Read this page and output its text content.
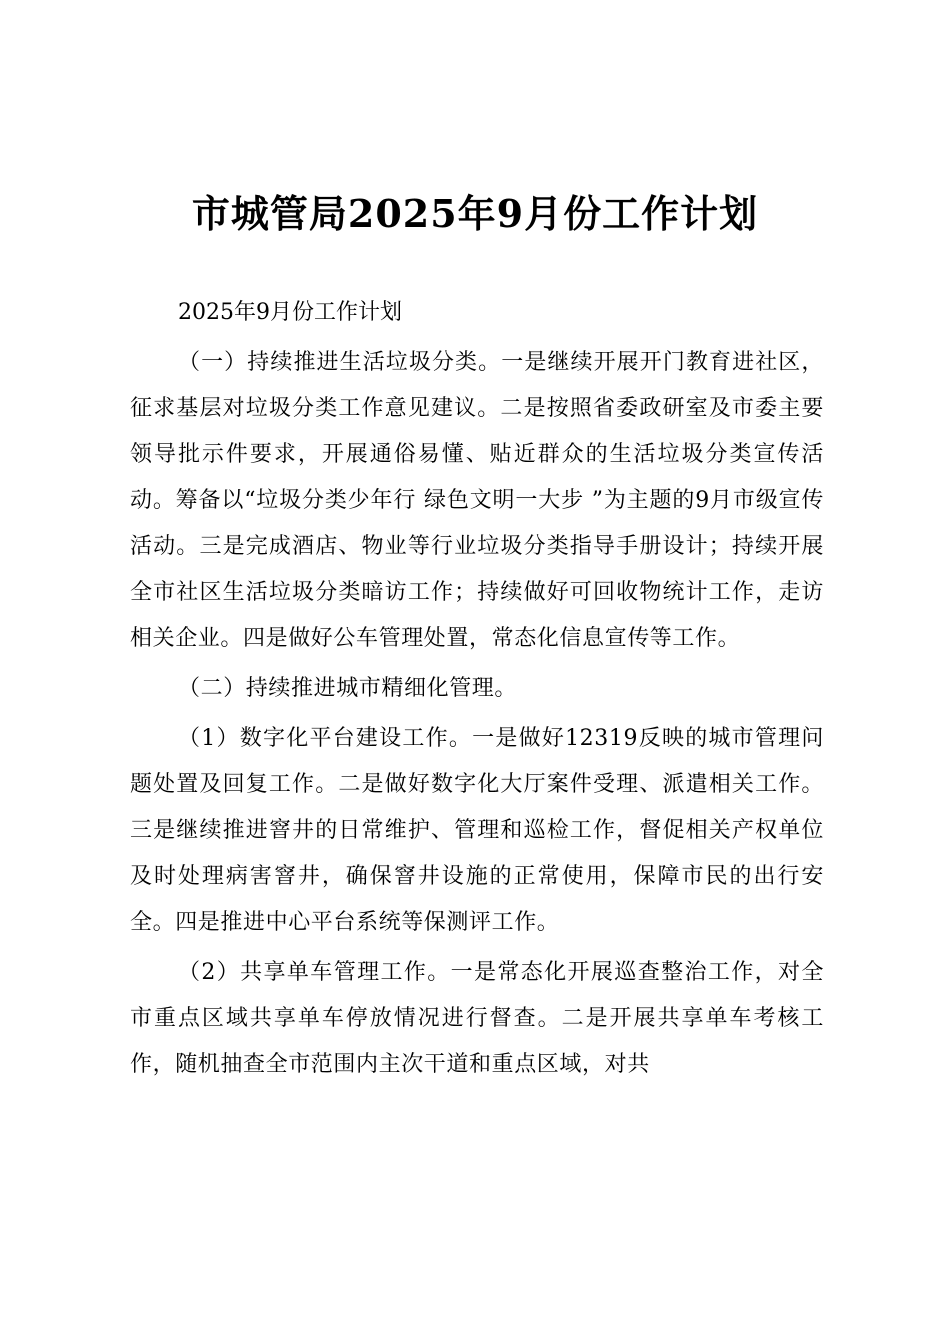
市城管局2025年9月份工作计划

2025年9月份工作计划

（一）持续推进生活垃圾分类。一是继续开展开门教育进社区，征求基层对垃圾分类工作意见建议。二是按照省委政研室及市委主要领导批示件要求，开展通俗易懂、贴近群众的生活垃圾分类宣传活动。筹备以“垃圾分类少年行 绿色文明一大步 ”为主题的9月市级宣传活动。三是完成酒店、物业等行业垃圾分类指导手册设计；持续开展全市社区生活垃圾分类暗访工作；持续做好可回收物统计工作，走访相关企业。四是做好公车管理处置，常态化信息宣传等工作。

（二）持续推进城市精细化管理。

（1）数字化平台建设工作。一是做好12319反映的城市管理问题处置及回复工作。二是做好数字化大厅案件受理、派遣相关工作。三是继续推进窨井的日常维护、管理和巡检工作，督促相关产权单位及时处理病害窨井，确保窨井设施的正常使用，保障市民的出行安全。四是推进中心平台系统等保测评工作。

（2）共享单车管理工作。一是常态化开展巡查整治工作，对全市重点区域共享单车停放情况进行督查。二是开展共享单车考核工作，随机抽查全市范围内主次干道和重点区域，对共
